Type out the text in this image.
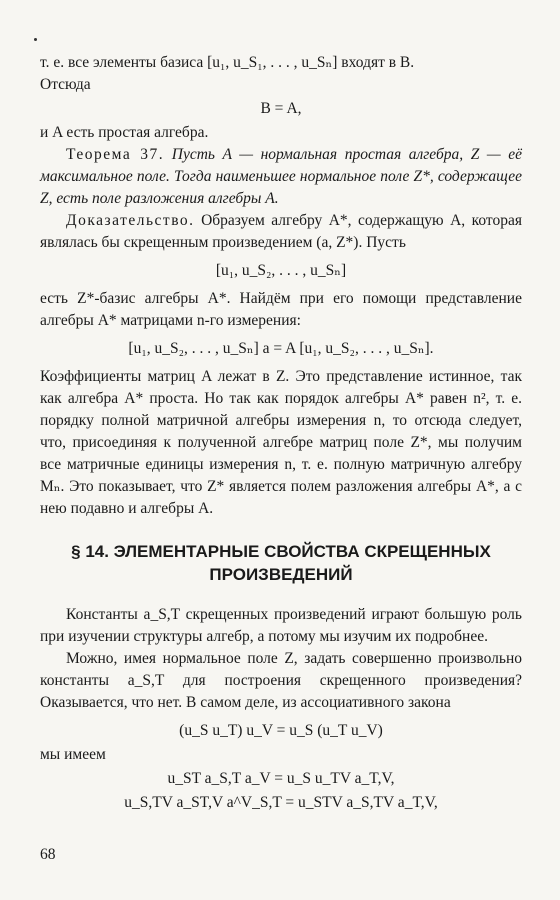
т. е. все элементы базиса [u₁, u_S₁, . . . , u_Sₙ] входят в B.

Отсюда

B = A,

и A есть простая алгебра.

Теорема 37. Пусть A — нормальная простая алгебра, Z — её максимальное поле. Тогда наименьшее нормальное поле Z*, содержащее Z, есть поле разложения алгебры A.

Доказательство. Образуем алгебру A*, содержащую A, которая являлась бы скрещенным произведением (a, Z*). Пусть

[u₁, u_S₂, . . . , u_Sₙ]

есть Z*-базис алгебры A*. Найдём при его помощи представление алгебры A* матрицами n-го измерения:

[u₁, u_S₂, . . . , u_Sₙ] a = A [u₁, u_S₂, . . . , u_Sₙ].

Коэффициенты матриц A лежат в Z. Это представление истинное, так как алгебра A* проста. Но так как порядок алгебры A* равен n², т. е. порядку полной матричной алгебры измерения n, то отсюда следует, что, присоединяя к полученной алгебре матриц поле Z*, мы получим все матричные единицы измерения n, т. е. полную матричную алгебру Mₙ. Это показывает, что Z* является полем разложения алгебры A*, а с нею подавно и алгебры A.

§ 14. ЭЛЕМЕНТАРНЫЕ СВОЙСТВА СКРЕЩЕННЫХ ПРОИЗВЕДЕНИЙ

Константы a_S,T скрещенных произведений играют большую роль при изучении структуры алгебр, а потому мы изучим их подробнее.

Можно, имея нормальное поле Z, задать совершенно произвольно константы a_S,T для построения скрещенного произведения? Оказывается, что нет. В самом деле, из ассоциативного закона

(u_S u_T) u_V = u_S (u_T u_V)

мы имеем

u_ST a_S,T a_V = u_S u_TV a_T,V,

u_S,TV a_ST,V a^V_S,T = u_STV a_S,TV a_T,V,

68
